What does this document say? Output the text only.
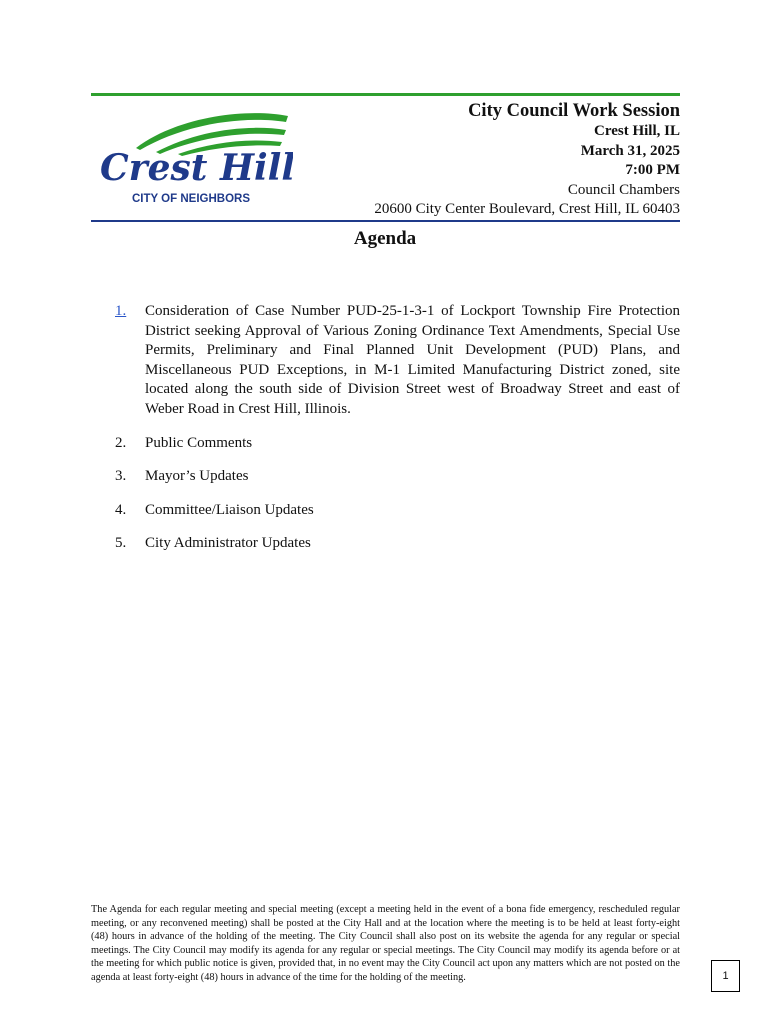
Crest Hill
CITY OF NEIGHBORS
City Council Work Session
Crest Hill, IL
March 31, 2025
7:00 PM
Council Chambers
20600 City Center Boulevard, Crest Hill, IL 60403
Agenda
1.	Consideration of Case Number PUD-25-1-3-1 of Lockport Township Fire Protection District seeking Approval of Various Zoning Ordinance Text Amendments, Special Use Permits, Preliminary and Final Planned Unit Development (PUD) Plans, and Miscellaneous PUD Exceptions, in M-1 Limited Manufacturing District zoned, site located along the south side of Division Street west of Broadway Street and east of Weber Road in Crest Hill, Illinois.
2.	Public Comments
3.	Mayor’s Updates
4.	Committee/Liaison Updates
5.	City Administrator Updates
The Agenda for each regular meeting and special meeting (except a meeting held in the event of a bona fide emergency, rescheduled regular meeting, or any reconvened meeting) shall be posted at the City Hall and at the location where the meeting is to be held at least forty-eight (48) hours in advance of the holding of the meeting. The City Council shall also post on its website the agenda for any regular or special meetings. The City Council may modify its agenda for any regular or special meetings. The City Council may modify its agenda before or at the meeting for which public notice is given, provided that, in no event may the City Council act upon any matters which are not posted on the agenda at least forty-eight (48) hours in advance of the time for the holding of the meeting.	1
